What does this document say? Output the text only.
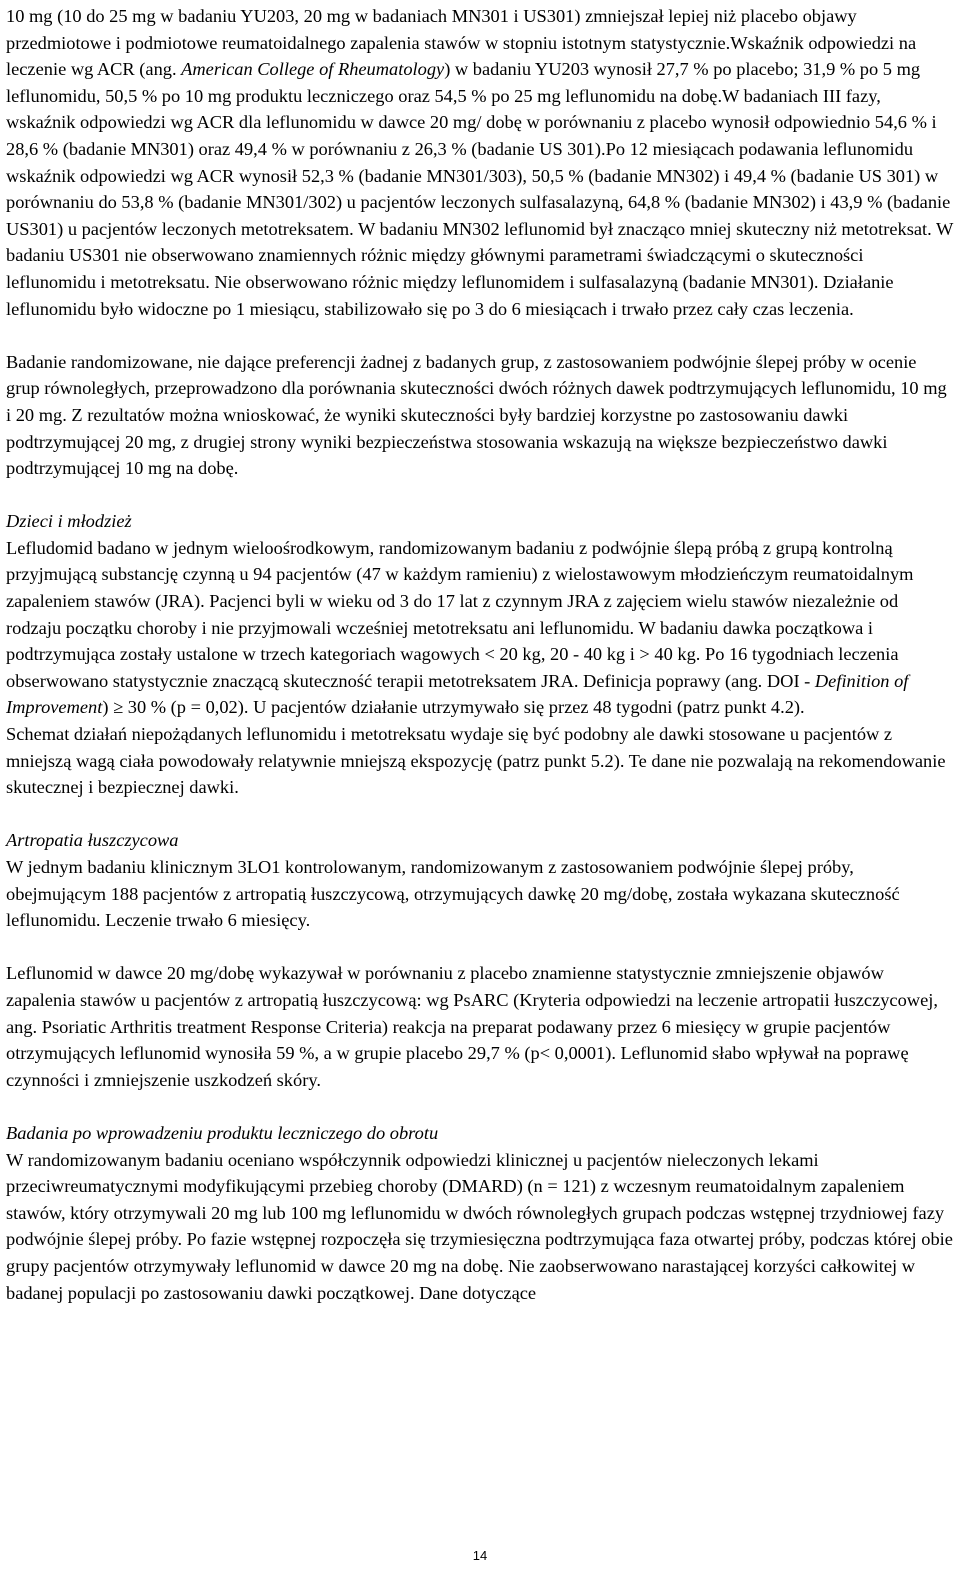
10 mg (10 do 25 mg w badaniu YU203, 20 mg w badaniach MN301 i US301) zmniejszał lepiej niż placebo objawy przedmiotowe i podmiotowe reumatoidalnego zapalenia stawów w stopniu istotnym statystycznie.Wskaźnik odpowiedzi na leczenie wg ACR (ang. American College of Rheumatology) w badaniu YU203 wynosił 27,7 % po placebo; 31,9 % po 5 mg leflunomidu, 50,5 % po 10 mg produktu leczniczego oraz 54,5 % po 25 mg leflunomidu na dobę.W badaniach III fazy, wskaźnik odpowiedzi wg ACR dla leflunomidu w dawce 20 mg/ dobę w porównaniu z placebo wynosił odpowiednio 54,6 % i 28,6 % (badanie MN301) oraz 49,4 % w porównaniu z 26,3 % (badanie US 301).Po 12 miesiącach podawania leflunomidu wskaźnik odpowiedzi wg ACR wynosił 52,3 % (badanie MN301/303), 50,5 % (badanie MN302) i 49,4 % (badanie US 301) w porównaniu do 53,8 % (badanie MN301/302) u pacjentów leczonych sulfasalazyną, 64,8 % (badanie MN302) i 43,9 % (badanie US301) u pacjentów leczonych metotreksatem. W badaniu MN302 leflunomid był znacząco mniej skuteczny niż metotreksat. W badaniu US301 nie obserwowano znamiennych różnic między głównymi parametrami świadczącymi o skuteczności leflunomidu i metotreksatu. Nie obserwowano różnic między leflunomidem i sulfasalazyną (badanie MN301). Działanie leflunomidu było widoczne po 1 miesiącu, stabilizowało się po 3 do 6 miesiącach i trwało przez cały czas leczenia.

Badanie randomizowane, nie dające preferencji żadnej z badanych grup, z zastosowaniem podwójnie ślepej próby w ocenie grup równoległych, przeprowadzono dla porównania skuteczności dwóch różnych dawek podtrzymujących leflunomidu, 10 mg i 20 mg. Z rezultatów można wnioskować, że wyniki skuteczności były bardziej korzystne po zastosowaniu dawki podtrzymującej 20 mg, z drugiej strony wyniki bezpieczeństwa stosowania wskazują na większe bezpieczeństwo dawki podtrzymującej 10 mg na dobę.

Dzieci i młodzież

Lefludomid badano w jednym wieloośrodkowym, randomizowanym badaniu z podwójnie ślepą próbą z grupą kontrolną przyjmującą substancję czynną u 94 pacjentów (47 w każdym ramieniu) z wielostawowym młodzieńczym reumatoidalnym zapaleniem stawów (JRA). Pacjenci byli w wieku od 3 do 17 lat z czynnym JRA z zajęciem wielu stawów niezależnie od rodzaju początku choroby i nie przyjmowali wcześniej metotreksatu ani leflunomidu. W badaniu dawka początkowa i podtrzymująca zostały ustalone w trzech kategoriach wagowych < 20 kg, 20 - 40 kg i > 40 kg. Po 16 tygodniach leczenia obserwowano statystycznie znaczącą skuteczność terapii metotreksatem JRA. Definicja poprawy (ang. DOI - Definition of Improvement) ≥ 30 % (p = 0,02). U pacjentów działanie utrzymywało się przez 48 tygodni (patrz punkt 4.2).

Schemat działań niepożądanych leflunomidu i metotreksatu wydaje się być podobny ale dawki stosowane u pacjentów z mniejszą wagą ciała powodowały relatywnie mniejszą ekspozycję (patrz punkt 5.2). Te dane nie pozwalają na rekomendowanie skutecznej i bezpiecznej dawki.

Artropatia łuszczycowa

W jednym badaniu klinicznym 3LO1 kontrolowanym, randomizowanym z zastosowaniem podwójnie ślepej próby, obejmującym 188 pacjentów z artropatią łuszczycową, otrzymujących dawkę 20 mg/dobę, została wykazana skuteczność leflunomidu. Leczenie trwało 6 miesięcy.

Leflunomid w dawce 20 mg/dobę wykazywał w porównaniu z placebo znamienne statystycznie zmniejszenie objawów zapalenia stawów u pacjentów z artropatią łuszczycową: wg PsARC (Kryteria odpowiedzi na leczenie artropatii łuszczycowej, ang. Psoriatic Arthritis treatment Response Criteria) reakcja na preparat podawany przez 6 miesięcy w grupie pacjentów otrzymujących leflunomid wynosiła 59 %, a w grupie placebo 29,7 % (p< 0,0001). Leflunomid słabo wpływał na poprawę czynności i zmniejszenie uszkodzeń skóry.

Badania po wprowadzeniu produktu leczniczego do obrotu

W randomizowanym badaniu oceniano współczynnik odpowiedzi klinicznej u pacjentów nieleczonych lekami przeciwreumatycznymi modyfikującymi przebieg choroby (DMARD) (n = 121) z wczesnym reumatoidalnym zapaleniem stawów, który otrzymywali 20 mg lub 100 mg leflunomidu w dwóch równoległych grupach podczas wstępnej trzydniowej fazy podwójnie ślepej próby. Po fazie wstępnej rozpoczęła się trzymiesięczna podtrzymująca faza otwartej próby, podczas której obie grupy pacjentów otrzymywały leflunomid w dawce 20 mg na dobę. Nie zaobserwowano narastającej korzyści całkowitej w badanej populacji po zastosowaniu dawki początkowej. Dane dotyczące

14
